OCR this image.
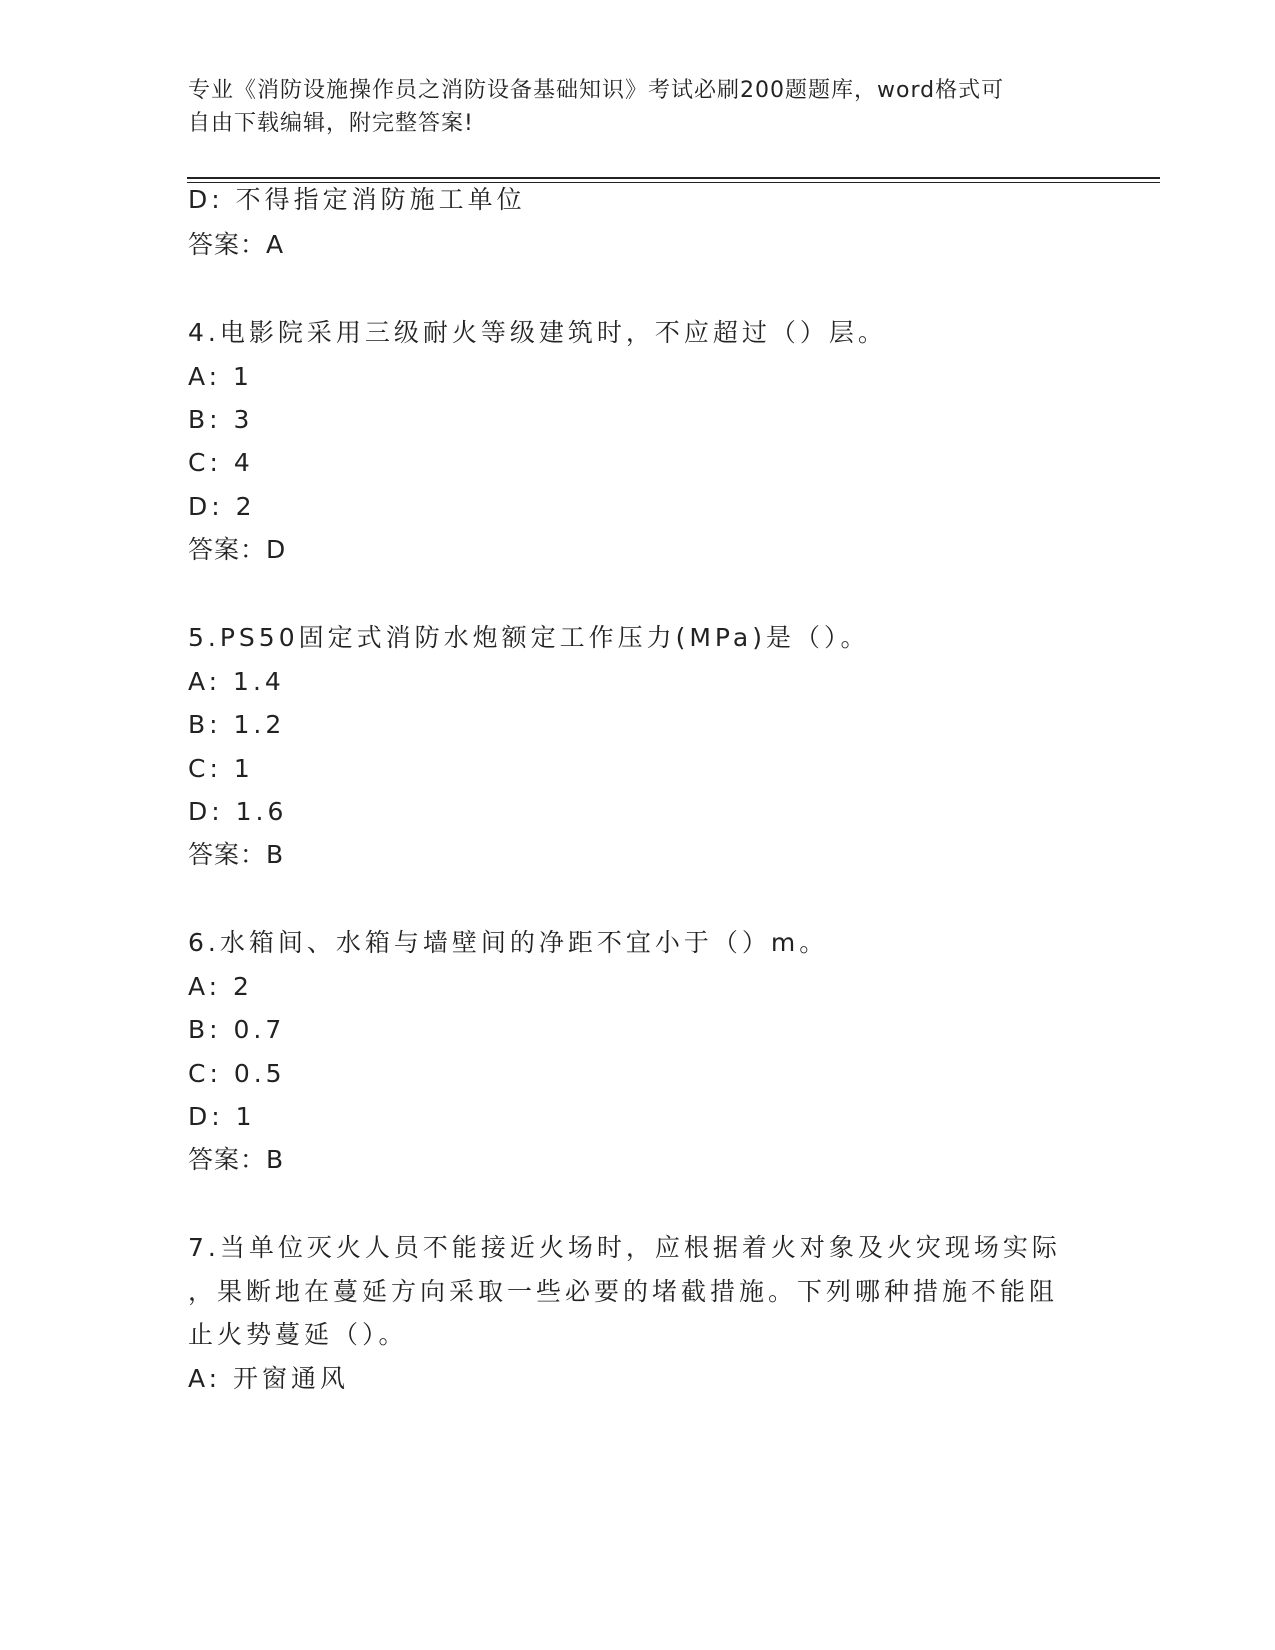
专业《消防设施操作员之消防设备基础知识》考试必刷200题题库，word格式可
自由下载编辑，附完整答案!
D: 不得指定消防施工单位
答案：A
4.电影院采用三级耐火等级建筑时，不应超过（）层。
A: 1
B: 3
C: 4
D: 2
答案：D
5.PS50固定式消防水炮额定工作压力(MPa)是（）。
A: 1.4
B: 1.2
C: 1
D: 1.6
答案：B
6.水箱间、水箱与墙壁间的净距不宜小于（）m。
A: 2
B: 0.7
C: 0.5
D: 1
答案：B
7.当单位灭火人员不能接近火场时，应根据着火对象及火灾现场实际
，果断地在蔓延方向采取一些必要的堵截措施。下列哪种措施不能阻
止火势蔓延（）。
A: 开窗通风
